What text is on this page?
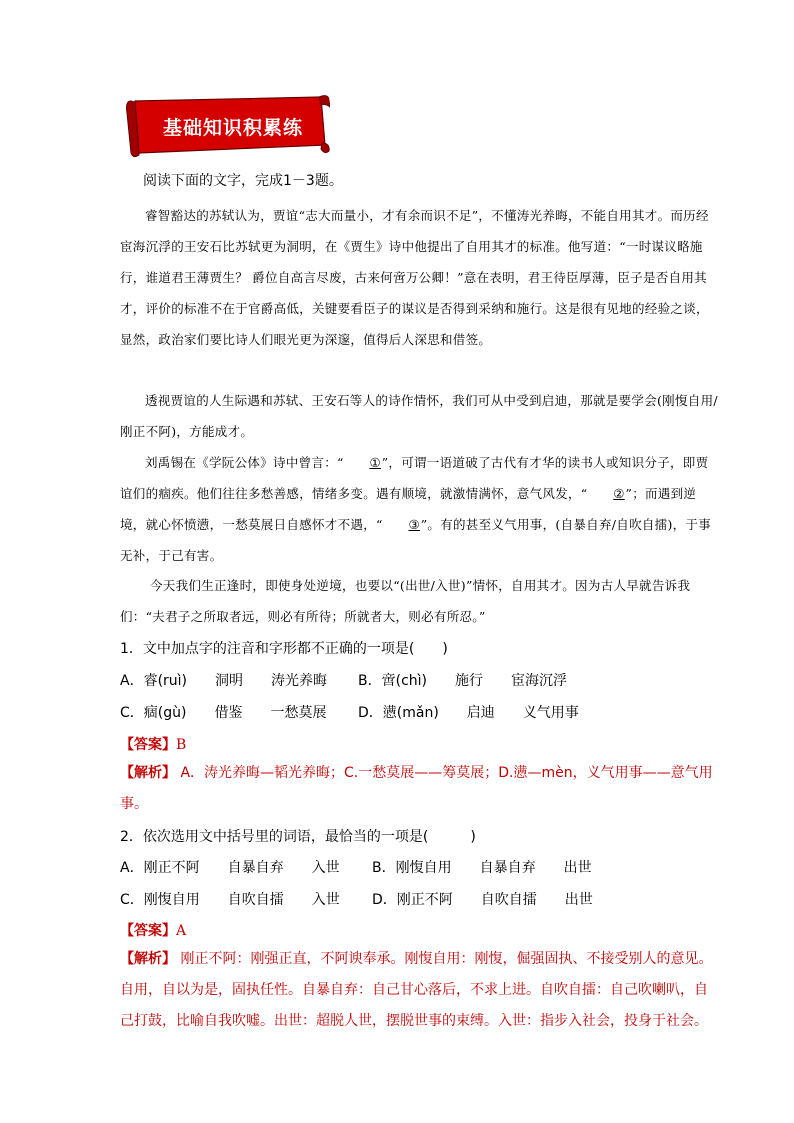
基础知识积累练
阅读下面的文字，完成1－3题。
睿智豁达的苏轼认为，贾谊“志大而量小，才有余而识不足”，不懂涛光养晦，不能自用其才。而历经宦海沉浮的王安石比苏轼更为洞明，在《贾生》诗中他提出了自用其才的标准。他写道：“一时谋议略施行，谁道君王薄贾生？ 爵位自高言尽废，古来何啻万公卿！”意在表明，君王待臣厚薄，臣子是否自用其才，评价的标准不在于官爵高低，关键要看臣子的谋议是否得到采纳和施行。这是很有见地的经验之谈，显然，政治家们要比诗人们眼光更为深邃，值得后人深思和借签。
透视贾谊的人生际遇和苏轼、王安石等人的诗作情怀，我们可从中受到启迪，那就是要学会(刚愎自用/刚正不阿)，方能成才。
刘禹锡在《学阮公体》诗中曾言：“ ①”，可谓一语道破了古代有才华的读书人或知识分子，即贾谊们的痼疾。他们往往多愁善感，情绪多变。遇有顺境，就激情满怀，意气风发，“ ②”；而遇到逆境，就心怀愤懑，一愁莫展日自感怀才不遇，“ ③”。有的甚至义气用事，(自暴自弃/自吹自擂)，于事无补，于己有害。
今天我们生正逢时，即使身处逆境，也要以“(出世/入世)”情怀，自用其才。因为古人早就告诉我们：“夫君子之所取者远，则必有所待；所就者大，则必有所忍。”
1．文中加点字的注音和字形都不正确的一项是(　　)
A．睿(ruì)　　洞明　　涛光养晦 B．啻(chì)　　施行　　宦海沉浮
C．痼(gù)　　借鉴　　一愁莫展 D．懑(mǎn)　　启迪　　义气用事
【答案】B
【解析】 A．涛光养晦—韬光养晦；C.一愁莫展——筹莫展；D.懑—mèn，义气用事——意气用事。
2．依次选用文中括号里的词语，最恰当的一项是(　　　)
A．刚正不阿　　自暴自弃　　入世 B．刚愎自用　　自暴自弃　　出世
C．刚愎自用　　自吹自擂　　入世 D．刚正不阿　　自吹自擂　　出世
【答案】A
【解析】 刚正不阿：刚强正直，不阿谀奉承。刚愎自用：刚愎，倔强固执、不接受别人的意见。自用，自以为是，固执任性。自暴自弃：自己甘心落后，不求上进。自吹自擂：自己吹喇叭，自己打鼓，比喻自我吹嘘。出世：超脱人世，摆脱世事的束缚。入世：指步入社会，投身于社会。
